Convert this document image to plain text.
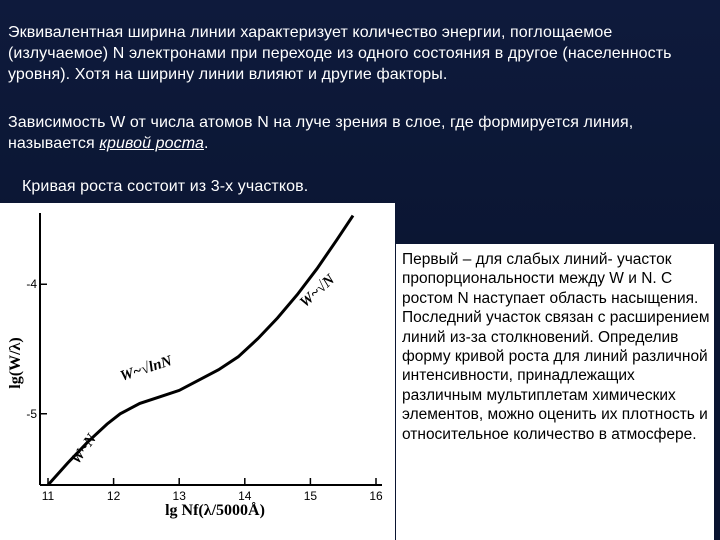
Эквивалентная ширина линии характеризует количество энергии, поглощаемое (излучаемое) N электронами при переходе из одного состояния в другое (населенность уровня). Хотя на ширину линии влияют и другие факторы.
Зависимость W от числа атомов N на луче зрения в слое, где формируется линия, называется кривой роста.
Кривая роста состоит из 3-х участков.
11	12	13	14	15	16
-4
-5
lg(W/λ)
lg Nf(λ/5000Å)
W~N
W~√lnN
W~√N
Первый – для слабых линий- участок пропорциональности между W и N. С ростом N наступает область насыщения. Последний участок связан с расширением линий из-за столкновений. Определив форму кривой роста для линий различной интенсивности, принадлежащих различным мультиплетам химических элементов, можно оценить их плотность и относительное количество в атмосфере.
